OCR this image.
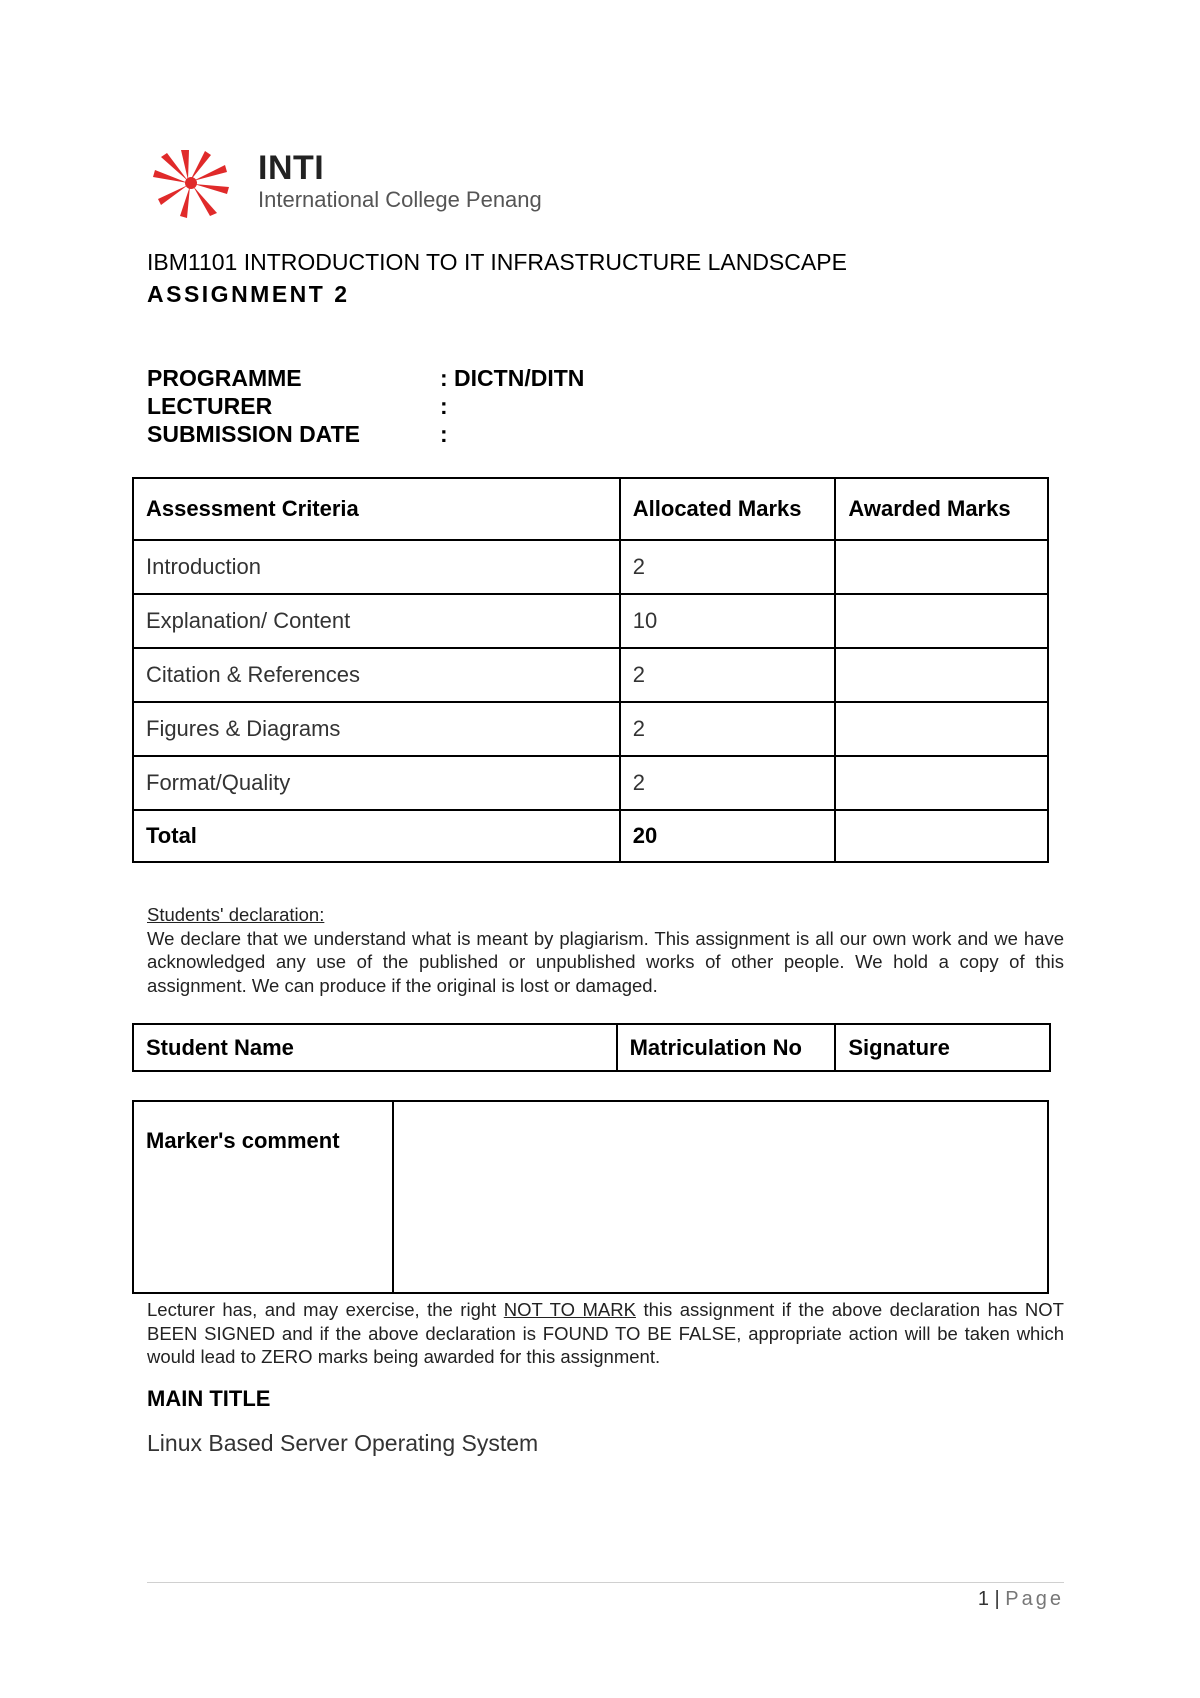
INTI
International College Penang
IBM1101 INTRODUCTION TO IT INFRASTRUCTURE LANDSCAPE
ASSIGNMENT 2
PROGRAMME	: DICTN/DITN
LECTURER	:
SUBMISSION DATE	:
Assessment Criteria	Allocated Marks	Awarded Marks
Introduction	2	
Explanation/ Content	10	
Citation & References	2	
Figures & Diagrams	2	
Format/Quality	2	
Total	20	
Students' declaration:
We declare that we understand what is meant by plagiarism. This assignment is all our own work and we have acknowledged any use of the published or unpublished works of other people. We hold a copy of this assignment. We can produce if the original is lost or damaged.
Student Name	Matriculation No	Signature
Marker's comment	
Lecturer has, and may exercise, the right NOT TO MARK this assignment if the above declaration has NOT BEEN SIGNED and if the above declaration is FOUND TO BE FALSE, appropriate action will be taken which would lead to ZERO marks being awarded for this assignment.
MAIN TITLE
Linux Based Server Operating System
1 | Page
